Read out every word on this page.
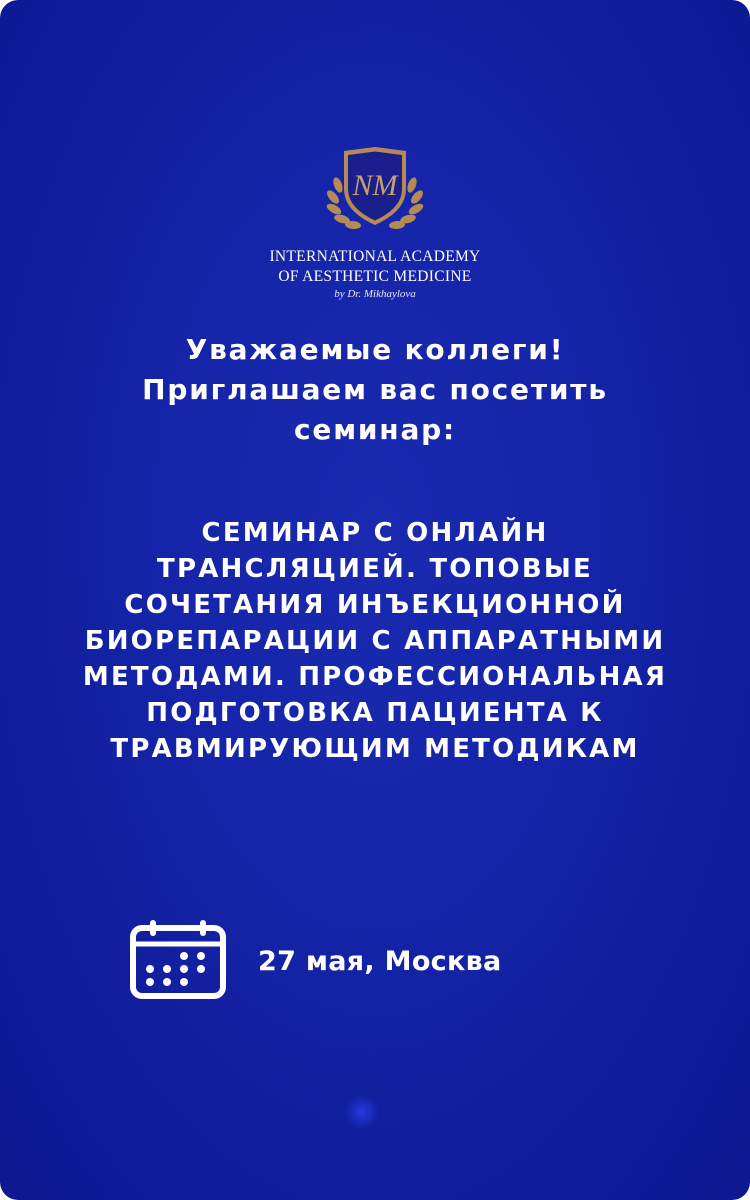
NM

INTERNATIONAL ACADEMY

OF AESTHETIC MEDICINE

by Dr. Mikhaylova

Уважаемые коллеги!
Приглашаем вас посетить
семинар:
СЕМИНАР С ОНЛАЙН
ТРАНСЛЯЦИЕЙ. ТОПОВЫЕ
СОЧЕТАНИЯ ИНЪЕКЦИОННОЙ
БИОРЕПАРАЦИИ С АППАРАТНЫМИ
МЕТОДАМИ. ПРОФЕССИОНАЛЬНАЯ
ПОДГОТОВКА ПАЦИЕНТА К
ТРАВМИРУЮЩИМ МЕТОДИКАМ
27 мая, Москва
